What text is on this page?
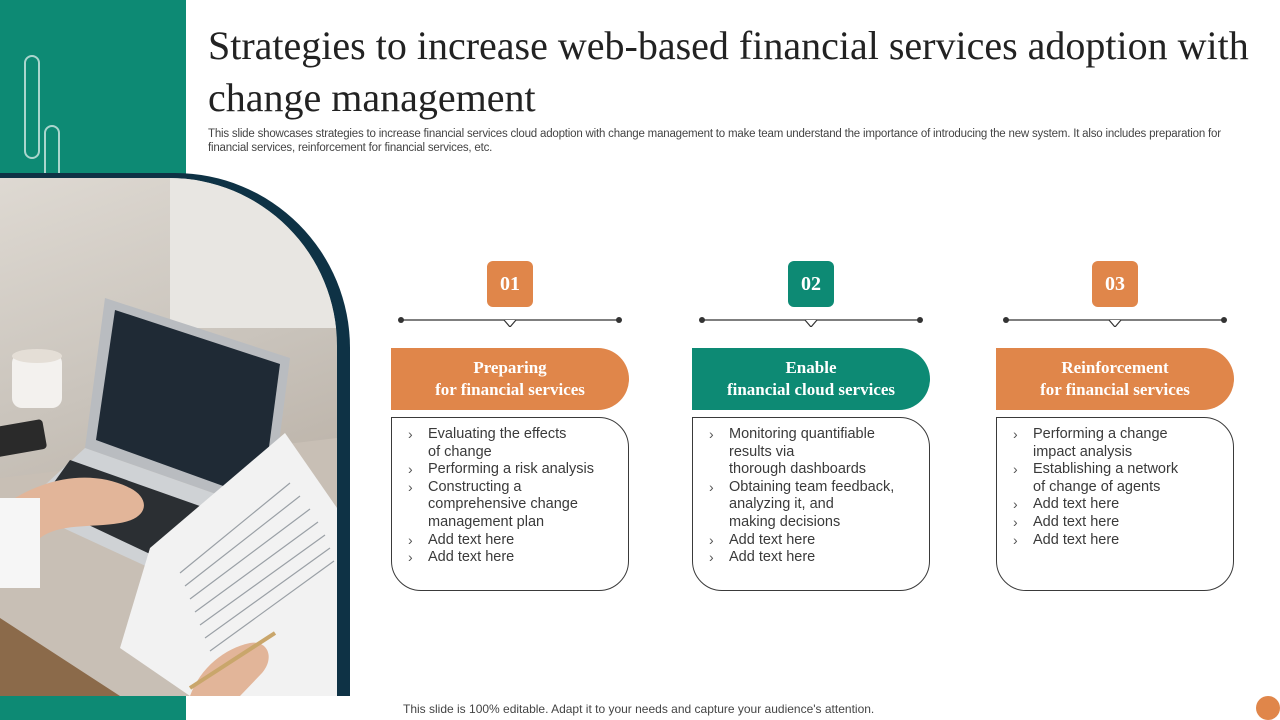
Strategies to increase web-based financial services adoption with change management

This slide showcases strategies to increase financial services cloud adoption with change management to make team understand the importance of introducing the new system. It also includes preparation for financial services, reinforcement for financial services, etc.

01
Preparing
for financial services
› Evaluating the effects
of change
› Performing a risk analysis
› Constructing a
comprehensive change
management plan
› Add text here
› Add text here
02
Enable
financial cloud services
› Monitoring quantifiable
results via
thorough dashboards
› Obtaining team feedback,
analyzing it, and
making decisions
› Add text here
› Add text here
03
Reinforcement
for financial services
› Performing a change
impact analysis
› Establishing a network
of change of agents
› Add text here
› Add text here
› Add text here

This slide is 100% editable. Adapt it to your needs and capture your audience's attention.
